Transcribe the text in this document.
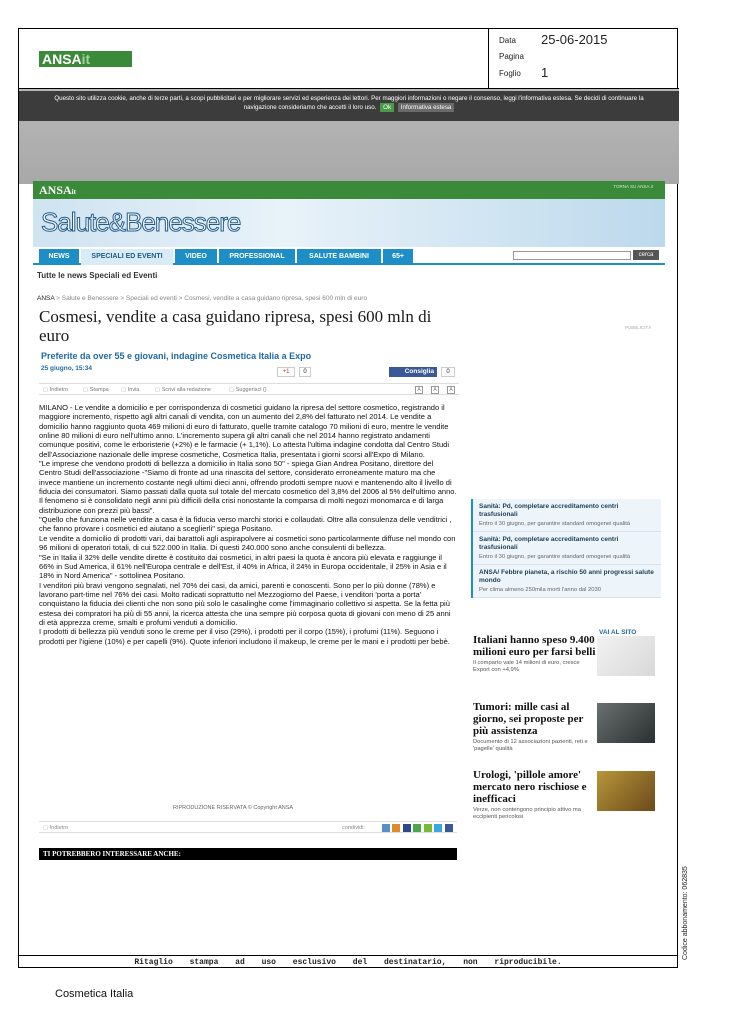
ANSAit
Data 25-06-2015
Pagina
Foglio 1
Questo sito utilizza cookie, anche di terze parti, a scopi pubblicitari e per migliorare servizi ed esperienza dei lettori. Per maggiori informazioni o negare il consenso, leggi l'informativa estesa. Se decidi di continuare la navigazione consideriamo che accetti il loro uso. Ok Informativa estesa
ANSAit
TORNA SU ANSA.it
Salute&Benessere
NEWS	SPECIALI ED EVENTI	VIDEO	PROFESSIONAL	SALUTE BAMBINI	65+	cerca
Tutte le news Speciali ed Eventi
ANSA > Salute e Benessere > Speciali ed eventi > Cosmesi, vendite a casa guidano ripresa, spesi 600 mln di euro
Cosmesi, vendite a casa guidano ripresa, spesi 600 mln di euro
Preferite da over 55 e giovani, indagine Cosmetica Italia a Expo
25 giugno, 15:34	+1	0	Consiglia	0
▢ Indietro	▢ Stampa	▢ Invia	▢ Scrivi alla redazione	▢ Suggerisci ()	A	A	A

MILANO - Le vendite a domicilio e per corrispondenza di cosmetici guidano la ripresa del settore cosmetico, registrando il maggiore incremento, rispetto agli altri canali di vendita, con un aumento del 2,8% del fatturato nel 2014. Le vendite a domicilio hanno raggiunto quota 469 milioni di euro di fatturato, quelle tramite catalogo 70 milioni di euro, mentre le vendite online 80 milioni di euro nell'ultimo anno. L'incremento supera gli altri canali che nel 2014 hanno registrato andamenti comunque positivi, come le erboristerie (+2%) e le farmacie (+ 1,1%). Lo attesta l'ultima indagine condotta dal Centro Studi dell'Associazione nazionale delle imprese cosmetiche, Cosmetica Italia, presentata i giorni scorsi all'Expo di Milano.

"Le imprese che vendono prodotti di bellezza a domicilio in Italia sono 50" - spiega Gian Andrea Positano, direttore del Centro Studi dell'associazione -"Siamo di fronte ad una rinascita del settore, considerato erroneamente maturo ma che invece mantiene un incremento costante negli ultimi dieci anni, offrendo prodotti sempre nuovi e mantenendo alto il livello di fiducia dei consumatori. Siamo passati dalla quota sul totale del mercato cosmetico del 3,8% del 2006 al 5% dell'ultimo anno. Il fenomeno si è consolidato negli anni più difficili della crisi nonostante la comparsa di molti negozi monomarca e di larga distribuzione con prezzi più bassi".

"Quello che funziona nelle vendite a casa è la fiducia verso marchi storici e collaudati. Oltre alla consulenza delle venditrici , che fanno provare i cosmetici ed aiutano a sceglierli" spiega Positano.

Le vendite a domicilio di prodotti vari, dai barattoli agli aspirapolvere ai cosmetici sono particolarmente diffuse nel mondo con 96 milioni di operatori totali, di cui 522.000 in Italia. Di questi 240.000 sono anche consulenti di bellezza.

"Se in Italia il 32% delle vendite dirette è costituito dai cosmetici, in altri paesi la quota è ancora più elevata e raggiunge il 66% in Sud America, il 61% nell'Europa centrale e dell'Est, il 40% in Africa, il 24% in Europa occidentale, il 25% in Asia e il 18% in Nord America" - sottolinea Positano.

I venditori più bravi vengono segnalati, nel 70% dei casi, da amici, parenti e conoscenti. Sono per lo più donne (78%) e lavorano part-time nel 76% dei casi. Molto radicati soprattutto nel Mezzogiorno del Paese, i venditori 'porta a porta' conquistano la fiducia dei clienti che non sono più solo le casalinghe come l'immaginario collettivo si aspetta. Se la fetta più estesa dei compratori ha più di 55 anni, la ricerca attesta che una sempre più corposa quota di giovani con meno di 25 anni di età apprezza creme, smalti e profumi venduti a domicilio.

I prodotti di bellezza più venduti sono le creme per il viso (29%), i prodotti per il corpo (15%), i profumi (11%). Seguono i prodotti per l'igiene (10%) e per capelli (9%). Quote inferiori includono il makeup, le creme per le mani e i prodotti per bebè.

RIPRODUZIONE RISERVATA © Copyright ANSA
▢ Indietro	condividi:

TI POTREBBERO INTERESSARE ANCHE:
PUBBLICITÀ
Sanità: Pd, completare accreditamento centri trasfusionali
Entro il 30 giugno, per garantire standard omogenei qualità
Sanità: Pd, completare accreditamento centri trasfusionali
Entro il 30 giugno, per garantire standard omogenei qualità
ANSA/ Febbre pianeta, a rischio 50 anni progressi salute mondo
Per clima almeno 250mila morti l'anno dal 2030
VAI AL SITO
Italiani hanno speso 9.400 milioni euro per farsi belli
Il comparto vale 14 milioni di euro, cresce Export con +4,9%
Tumori: mille casi al giorno, sei proposte per più assistenza
Documento di 12 associazioni pazienti, reti e 'pagelle' qualità
Urologi, 'pillole amore' mercato nero rischiose e inefficaci
Verze, non contengono principio attivo ma eccipienti pericolosi
Ritaglio stampa ad uso esclusivo del destinatario, non riproducibile.
Cosmetica Italia
Codice abbonamento: 062835
